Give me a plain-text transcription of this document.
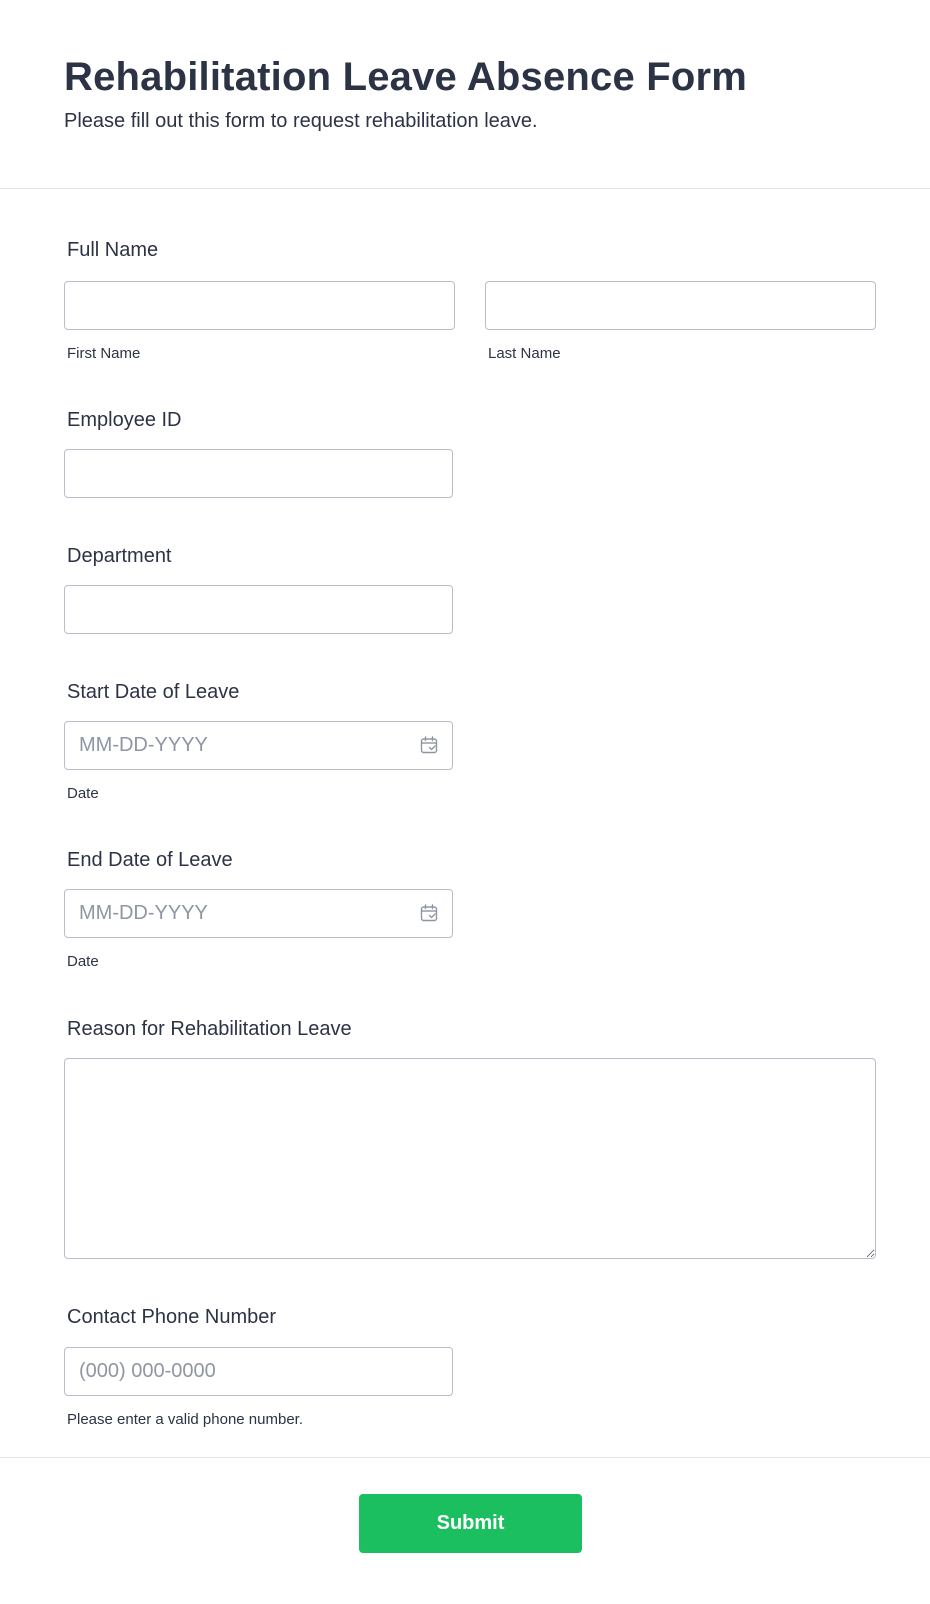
Rehabilitation Leave Absence Form
Please fill out this form to request rehabilitation leave.
Full Name
First Name	Last Name
Employee ID
Department
Start Date of Leave
MM-DD-YYYY
Date
End Date of Leave
MM-DD-YYYY
Date
Reason for Rehabilitation Leave
Contact Phone Number
(000) 000-0000
Please enter a valid phone number.
Submit
